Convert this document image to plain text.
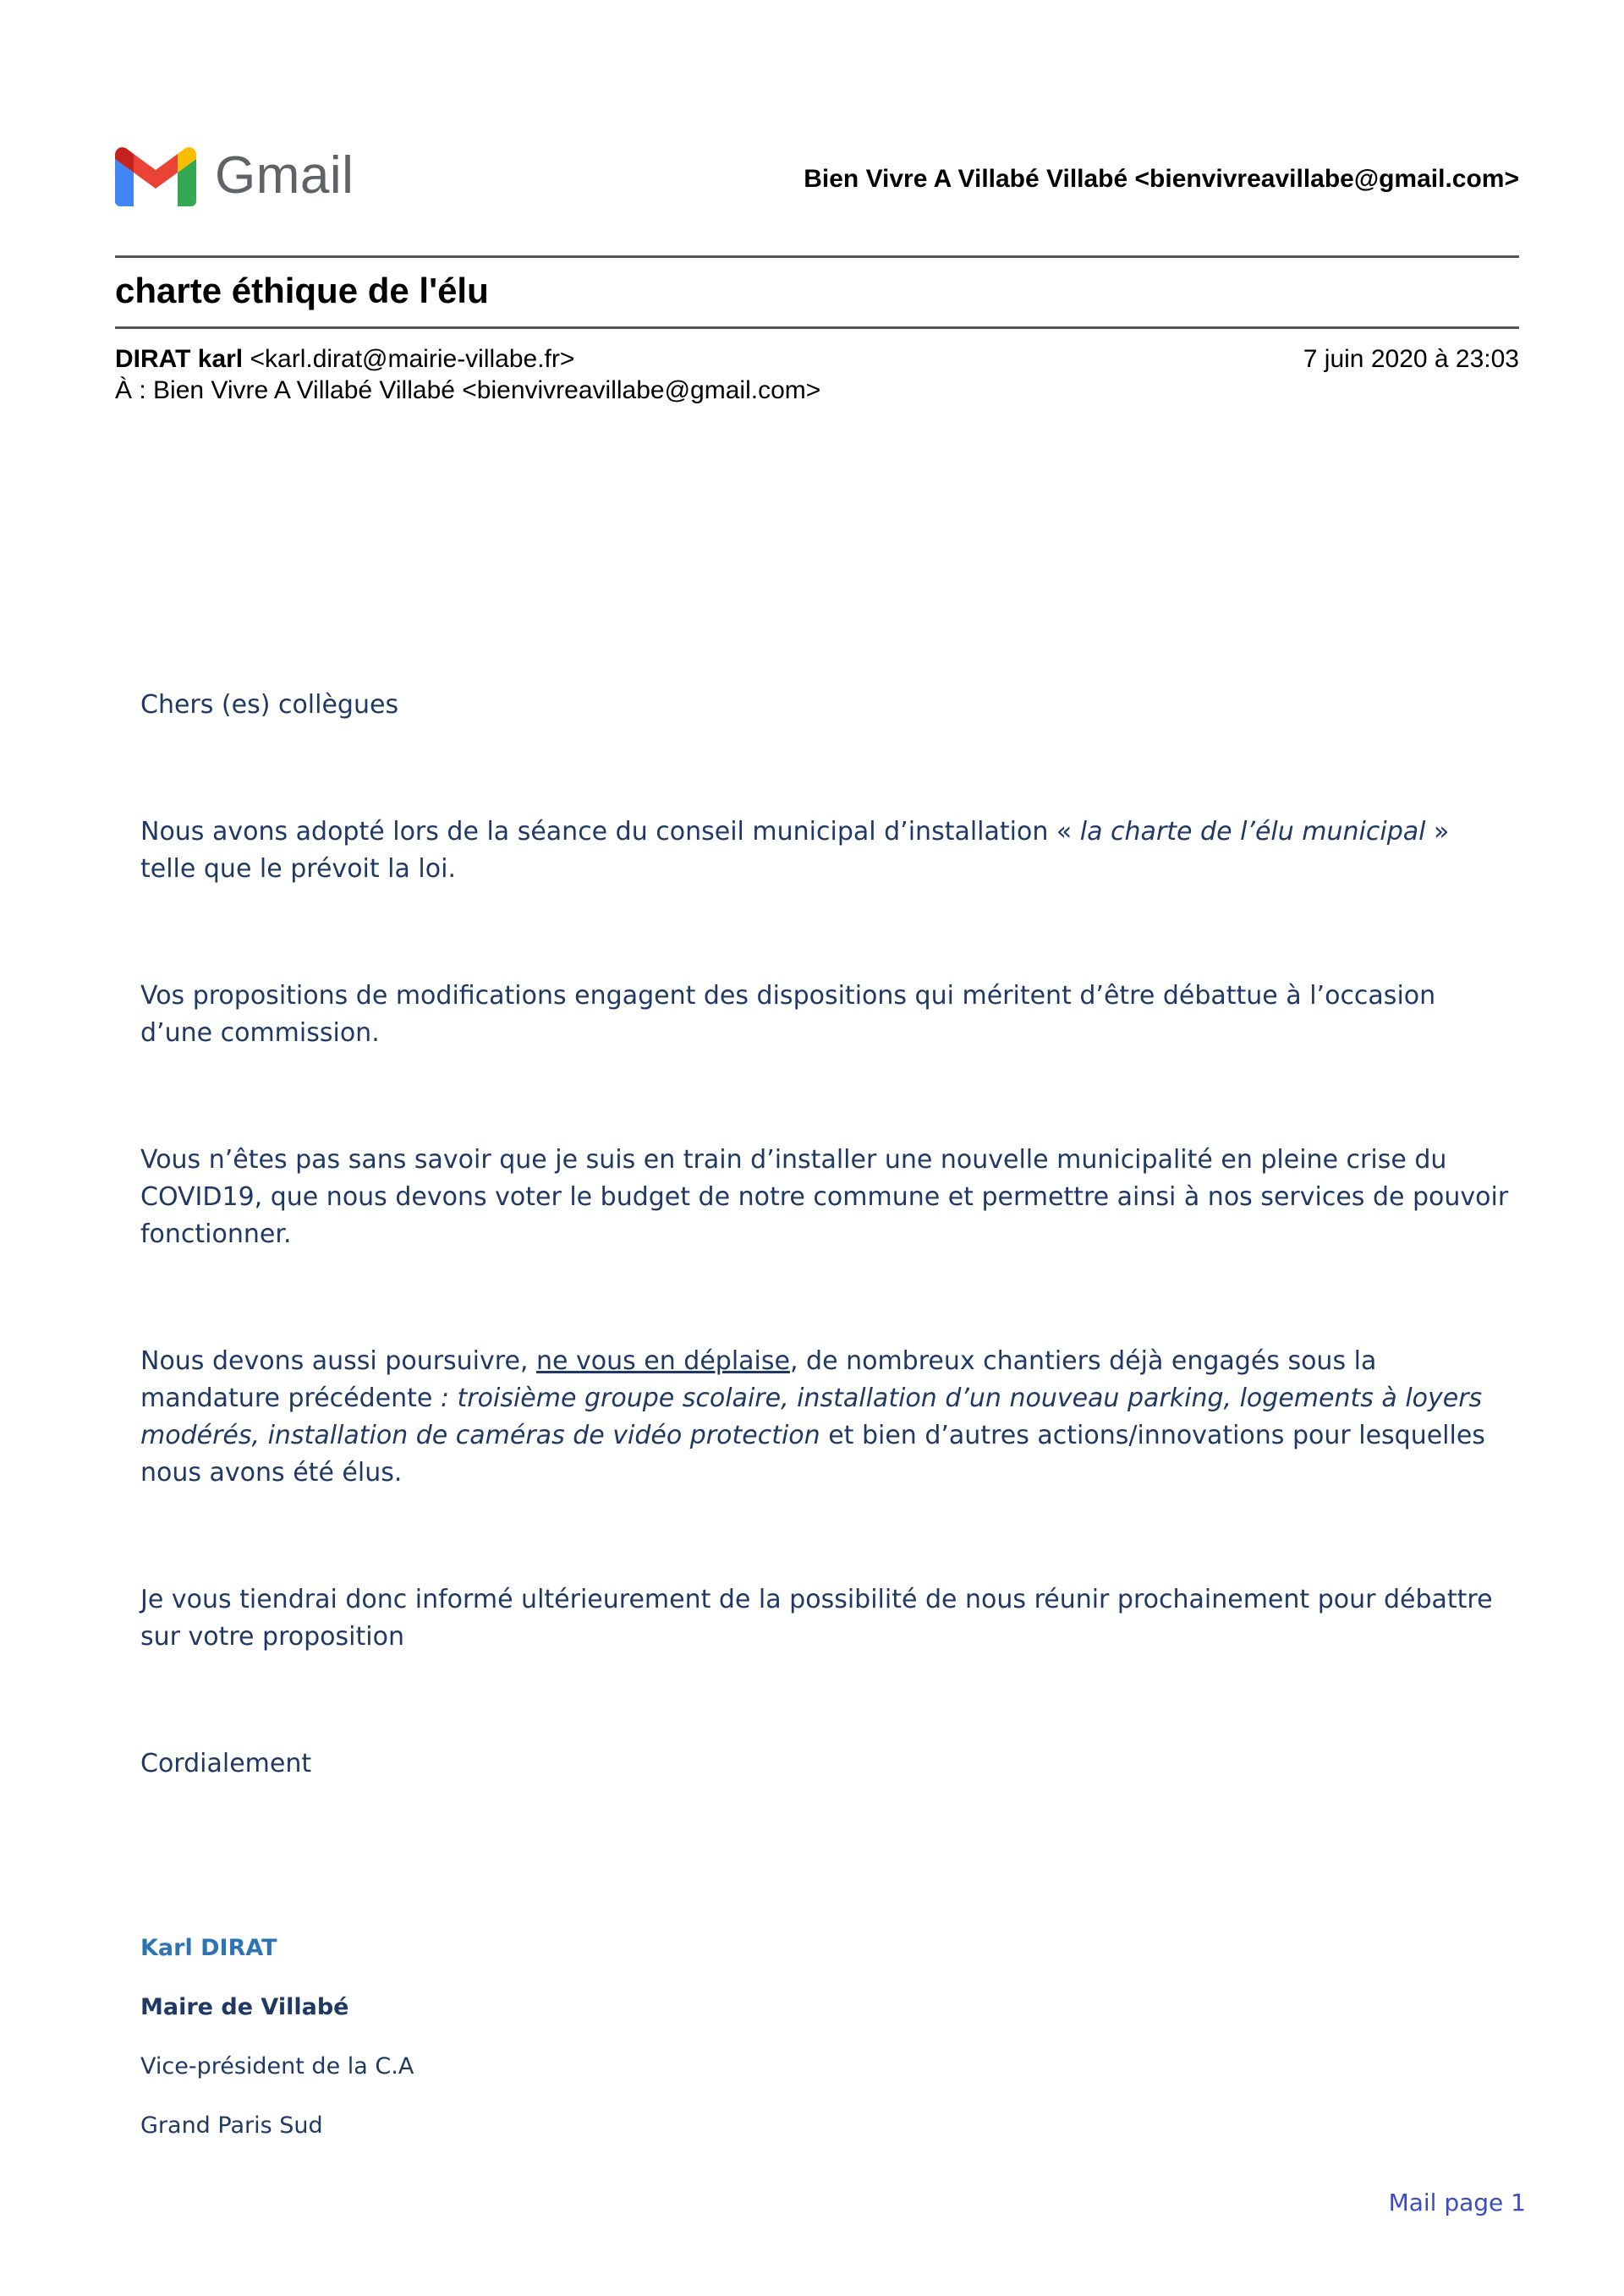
Gmail	Bien Vivre A Villabé Villabé <bienvivreavillabe@gmail.com>
charte éthique de l'élu
DIRAT karl <karl.dirat@mairie-villabe.fr>	7 juin 2020 à 23:03
À : Bien Vivre A Villabé Villabé <bienvivreavillabe@gmail.com>

Chers (es) collègues

Nous avons adopté lors de la séance du conseil municipal d’installation « la charte de l’élu municipal » telle que le prévoit la loi.

Vos propositions de modifications engagent des dispositions qui méritent d’être débattue à l’occasion d’une commission.

Vous n’êtes pas sans savoir que je suis en train d’installer une nouvelle municipalité en pleine crise du COVID19, que nous devons voter le budget de notre commune et permettre ainsi à nos services de pouvoir fonctionner.

Nous devons aussi poursuivre, ne vous en déplaise, de nombreux chantiers déjà engagés sous la mandature précédente : troisième groupe scolaire, installation d’un nouveau parking, logements à loyers modérés, installation de caméras de vidéo protection et bien d’autres actions/innovations pour lesquelles nous avons été élus.

Je vous tiendrai donc informé ultérieurement de la possibilité de nous réunir prochainement pour débattre sur votre proposition

Cordialement

Karl DIRAT
Maire de Villabé
Vice-président de la C.A
Grand Paris Sud
Mail page 1
